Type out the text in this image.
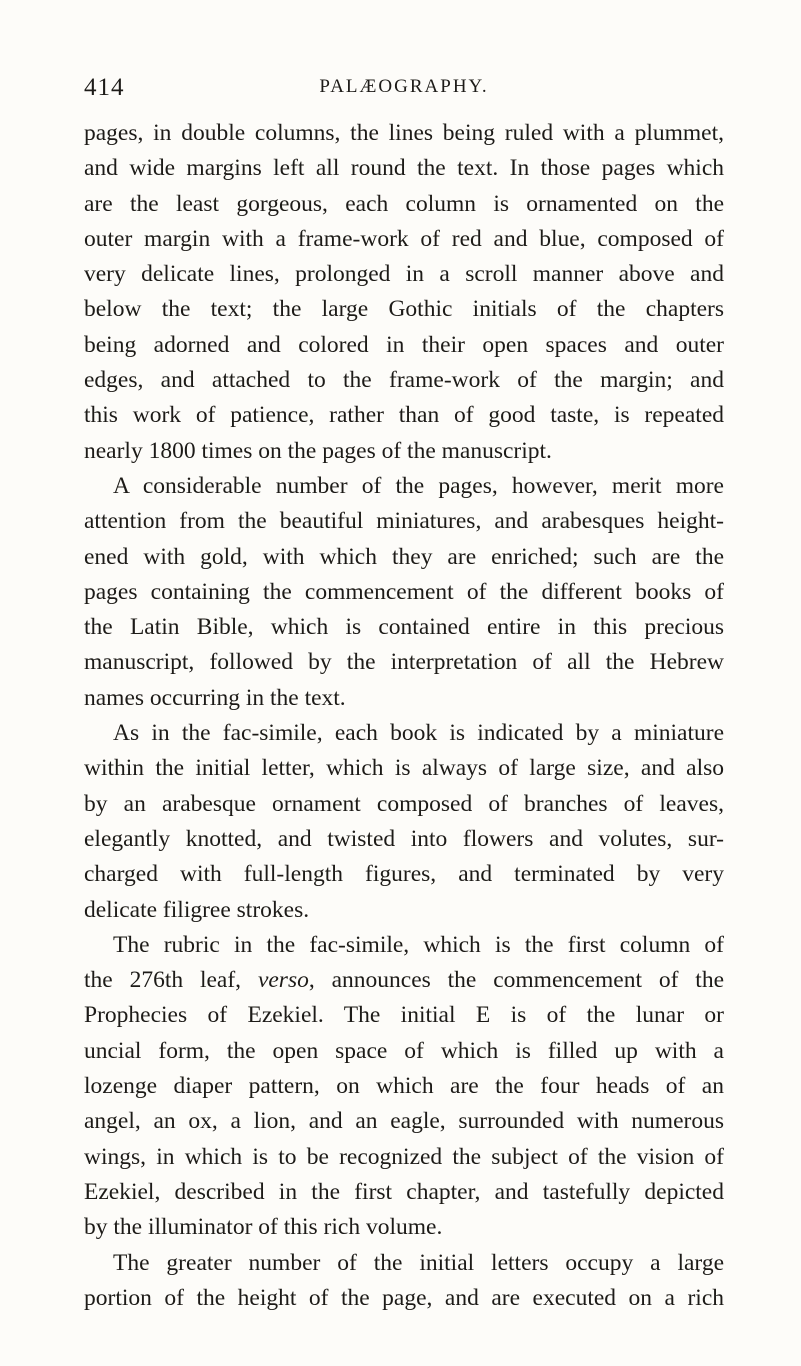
414	PALÆOGRAPHY.
pages, in double columns, the lines being ruled with a plummet,
and wide margins left all round the text. In those pages which
are the least gorgeous, each column is ornamented on the
outer margin with a frame-work of red and blue, composed of
very delicate lines, prolonged in a scroll manner above and
below the text; the large Gothic initials of the chapters
being adorned and colored in their open spaces and outer
edges, and attached to the frame-work of the margin; and
this work of patience, rather than of good taste, is repeated
nearly 1800 times on the pages of the manuscript.
A considerable number of the pages, however, merit more
attention from the beautiful miniatures, and arabesques height-
ened with gold, with which they are enriched; such are the
pages containing the commencement of the different books of
the Latin Bible, which is contained entire in this precious
manuscript, followed by the interpretation of all the Hebrew
names occurring in the text.
As in the fac-simile, each book is indicated by a miniature
within the initial letter, which is always of large size, and also
by an arabesque ornament composed of branches of leaves,
elegantly knotted, and twisted into flowers and volutes, sur-
charged with full-length figures, and terminated by very
delicate filigree strokes.
The rubric in the fac-simile, which is the first column of
the 276th leaf, verso, announces the commencement of the
Prophecies of Ezekiel. The initial E is of the lunar or
uncial form, the open space of which is filled up with a
lozenge diaper pattern, on which are the four heads of an
angel, an ox, a lion, and an eagle, surrounded with numerous
wings, in which is to be recognized the subject of the vision of
Ezekiel, described in the first chapter, and tastefully depicted
by the illuminator of this rich volume.
The greater number of the initial letters occupy a large
portion of the height of the page, and are executed on a rich
